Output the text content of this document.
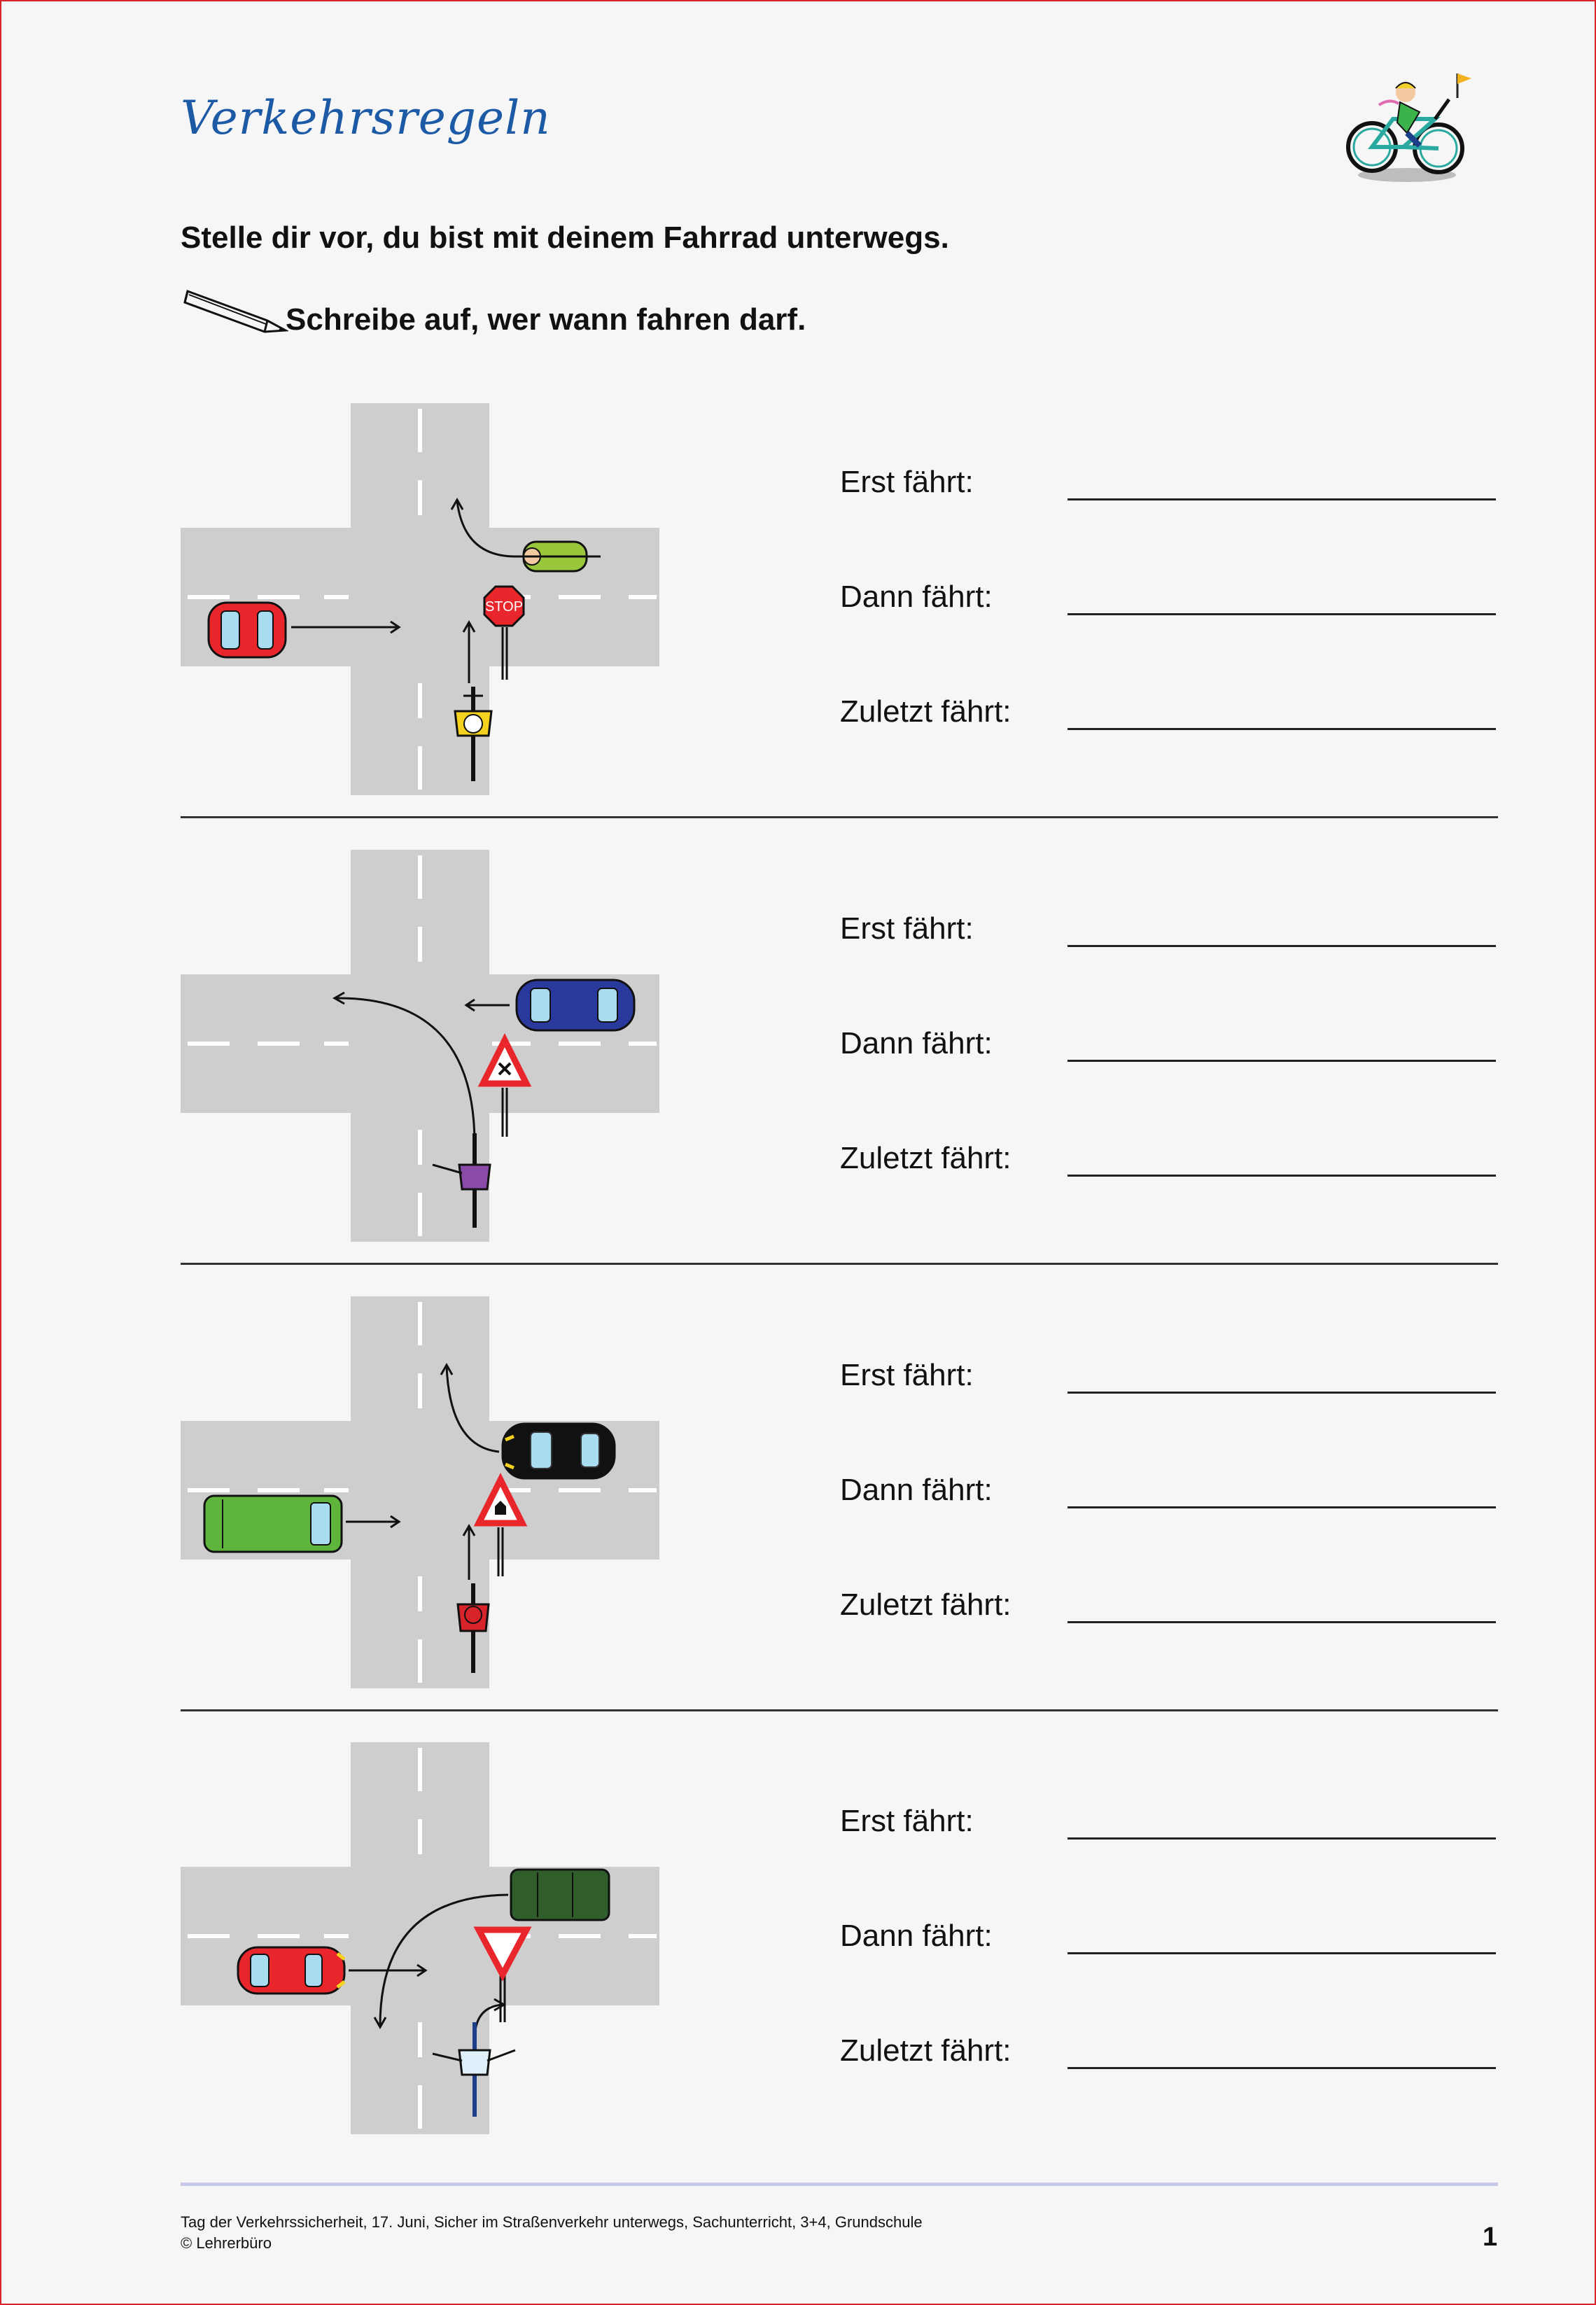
Verkehrsregeln

Stelle dir vor, du bist mit deinem Fahrrad unterwegs.

Schreibe auf, wer wann fahren darf.

STOP
Erst fährt:
Dann fährt:
Zuletzt fährt:
Erst fährt:
Dann fährt:
Zuletzt fährt:
Erst fährt:
Dann fährt:
Zuletzt fährt:
Erst fährt:
Dann fährt:
Zuletzt fährt:
Tag der Verkehrssicherheit, 17. Juni, Sicher im Straßenverkehr unterwegs, Sachunterricht, 3+4, Grundschule
© Lehrerbüro	1
